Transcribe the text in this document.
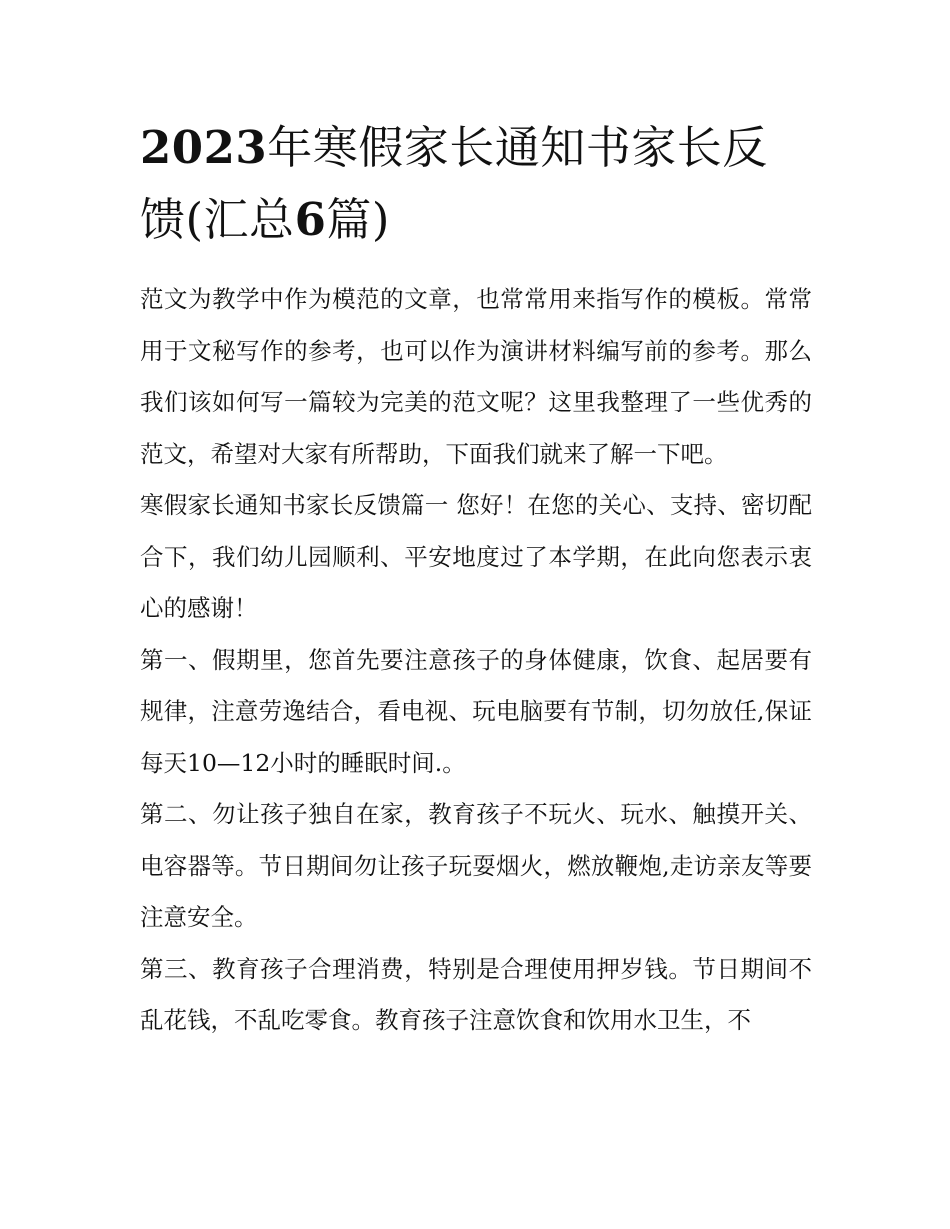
2023年寒假家长通知书家长反馈(汇总6篇)

范文为教学中作为模范的文章，也常常用来指写作的模板。常常用于文秘写作的参考，也可以作为演讲材料编写前的参考。那么我们该如何写一篇较为完美的范文呢？这里我整理了一些优秀的范文，希望对大家有所帮助，下面我们就来了解一下吧。

寒假家长通知书家长反馈篇一 您好！在您的关心、支持、密切配合下，我们幼儿园顺利、平安地度过了本学期，在此向您表示衷心的感谢！

第一、假期里，您首先要注意孩子的身体健康，饮食、起居要有规律，注意劳逸结合，看电视、玩电脑要有节制，切勿放任,保证每天10—12小时的睡眠时间.。

第二、勿让孩子独自在家，教育孩子不玩火、玩水、触摸开关、电容器等。节日期间勿让孩子玩耍烟火，燃放鞭炮,走访亲友等要注意安全。

第三、教育孩子合理消费，特别是合理使用押岁钱。节日期间不乱花钱，不乱吃零食。教育孩子注意饮食和饮用水卫生，不
